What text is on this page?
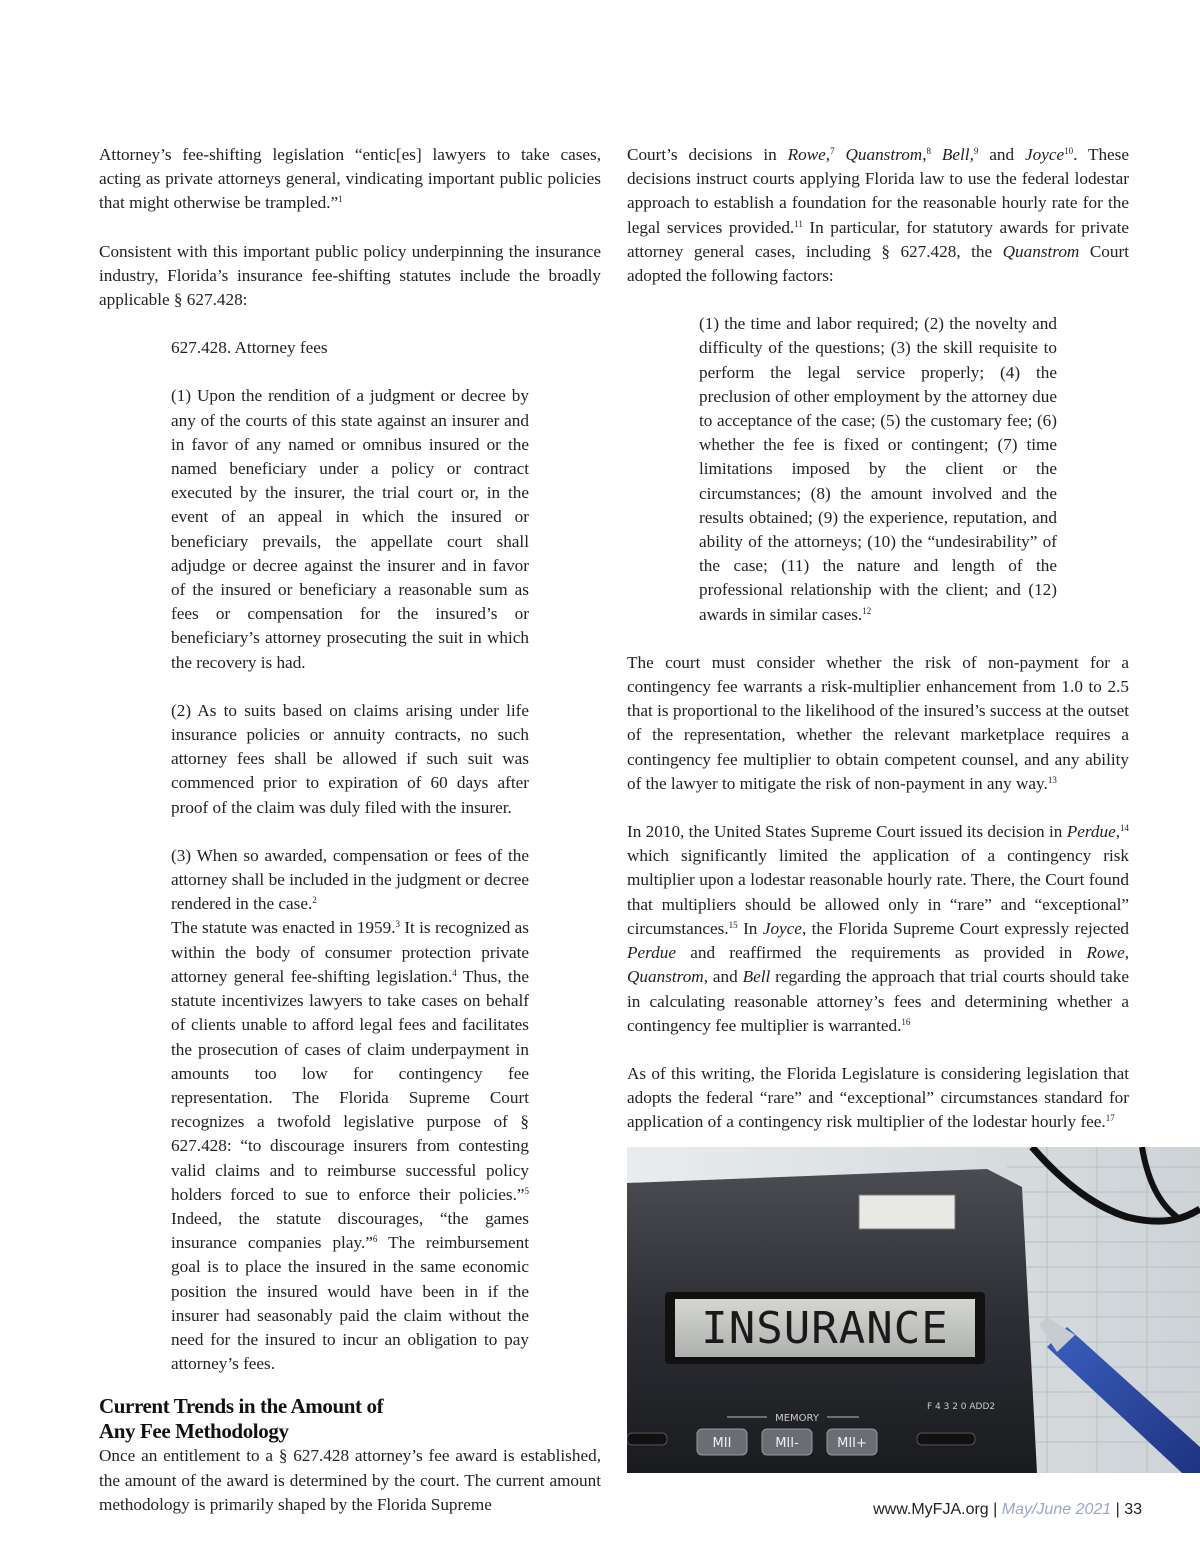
Attorney’s fee-shifting legislation “entic[es] lawyers to take cases, acting as private attorneys general, vindicating important public policies that might otherwise be trampled.”$^1$

Consistent with this important public policy underpinning the insurance industry, Florida’s insurance fee-shifting statutes include the broadly applicable § 627.428:

627.428. Attorney fees

(1) Upon the rendition of a judgment or decree by any of the courts of this state against an insurer and in favor of any named or omnibus insured or the named beneficiary under a policy or contract executed by the insurer, the trial court or, in the event of an appeal in which the insured or beneficiary prevails, the appellate court shall adjudge or decree against the insurer and in favor of the insured or beneficiary a reasonable sum as fees or compensation for the insured’s or beneficiary’s attorney prosecuting the suit in which the recovery is had.

(2) As to suits based on claims arising under life insurance policies or annuity contracts, no such attorney fees shall be allowed if such suit was commenced prior to expiration of 60 days after proof of the claim was duly filed with the insurer.

(3) When so awarded, compensation or fees of the attorney shall be included in the judgment or decree rendered in the case.$^2$

The statute was enacted in 1959.$^3$ It is recognized as within the body of consumer protection private attorney general fee-shifting legislation.$^4$ Thus, the statute incentivizes lawyers to take cases on behalf of clients unable to afford legal fees and facilitates the prosecution of cases of claim underpayment in amounts too low for contingency fee representation. The Florida Supreme Court recognizes a twofold legislative purpose of § 627.428: “to discourage insurers from contesting valid claims and to reimburse successful policy holders forced to sue to enforce their policies.”$^5$ Indeed, the statute discourages, “the games insurance companies play.”$^6$ The reimbursement goal is to place the insured in the same economic position the insured would have been in if the insurer had seasonably paid the claim without the need for the insured to incur an obligation to pay attorney’s fees.

Current Trends in the Amount of
Any Fee Methodology

Once an entitlement to a § 627.428 attorney’s fee award is established, the amount of the award is determined by the court. The current amount methodology is primarily shaped by the Florida Supreme

Court’s decisions in Rowe,$^7$ Quanstrom,$^8$ Bell,$^9$ and Joyce$^{10}$. These decisions instruct courts applying Florida law to use the federal lodestar approach to establish a foundation for the reasonable hourly rate for the legal services provided.$^{11}$ In particular, for statutory awards for private attorney general cases, including § 627.428, the Quanstrom Court adopted the following factors:

(1) the time and labor required; (2) the novelty and difficulty of the questions; (3) the skill requisite to perform the legal service properly; (4) the preclusion of other employment by the attorney due to acceptance of the case; (5) the customary fee; (6) whether the fee is fixed or contingent; (7) time limitations imposed by the client or the circumstances; (8) the amount involved and the results obtained; (9) the experience, reputation, and ability of the attorneys; (10) the “undesirability” of the case; (11) the nature and length of the professional relationship with the client; and (12) awards in similar cases.$^{12}$

The court must consider whether the risk of non-payment for a contingency fee warrants a risk-multiplier enhancement from 1.0 to 2.5 that is proportional to the likelihood of the insured’s success at the outset of the representation, whether the relevant marketplace requires a contingency fee multiplier to obtain competent counsel, and any ability of the lawyer to mitigate the risk of non-payment in any way.$^{13}$

In 2010, the United States Supreme Court issued its decision in Perdue,$^{14}$ which significantly limited the application of a contingency risk multiplier upon a lodestar reasonable hourly rate. There, the Court found that multipliers should be allowed only in “rare” and “exceptional” circumstances.$^{15}$ In Joyce, the Florida Supreme Court expressly rejected Perdue and reaffirmed the requirements as provided in Rowe, Quanstrom, and Bell regarding the approach that trial courts should take in calculating reasonable attorney’s fees and determining whether a contingency fee multiplier is warranted.$^{16}$

As of this writing, the Florida Legislature is considering legislation that adopts the federal “rare” and “exceptional” circumstances standard for application of a contingency risk multiplier of the lodestar hourly fee.$^{17}$

INSURANCE
MEMORY
F 4 3 2 0 ADD2
MII	MII-	MII+
www.MyFJA.org | May/June 2021 | 33
